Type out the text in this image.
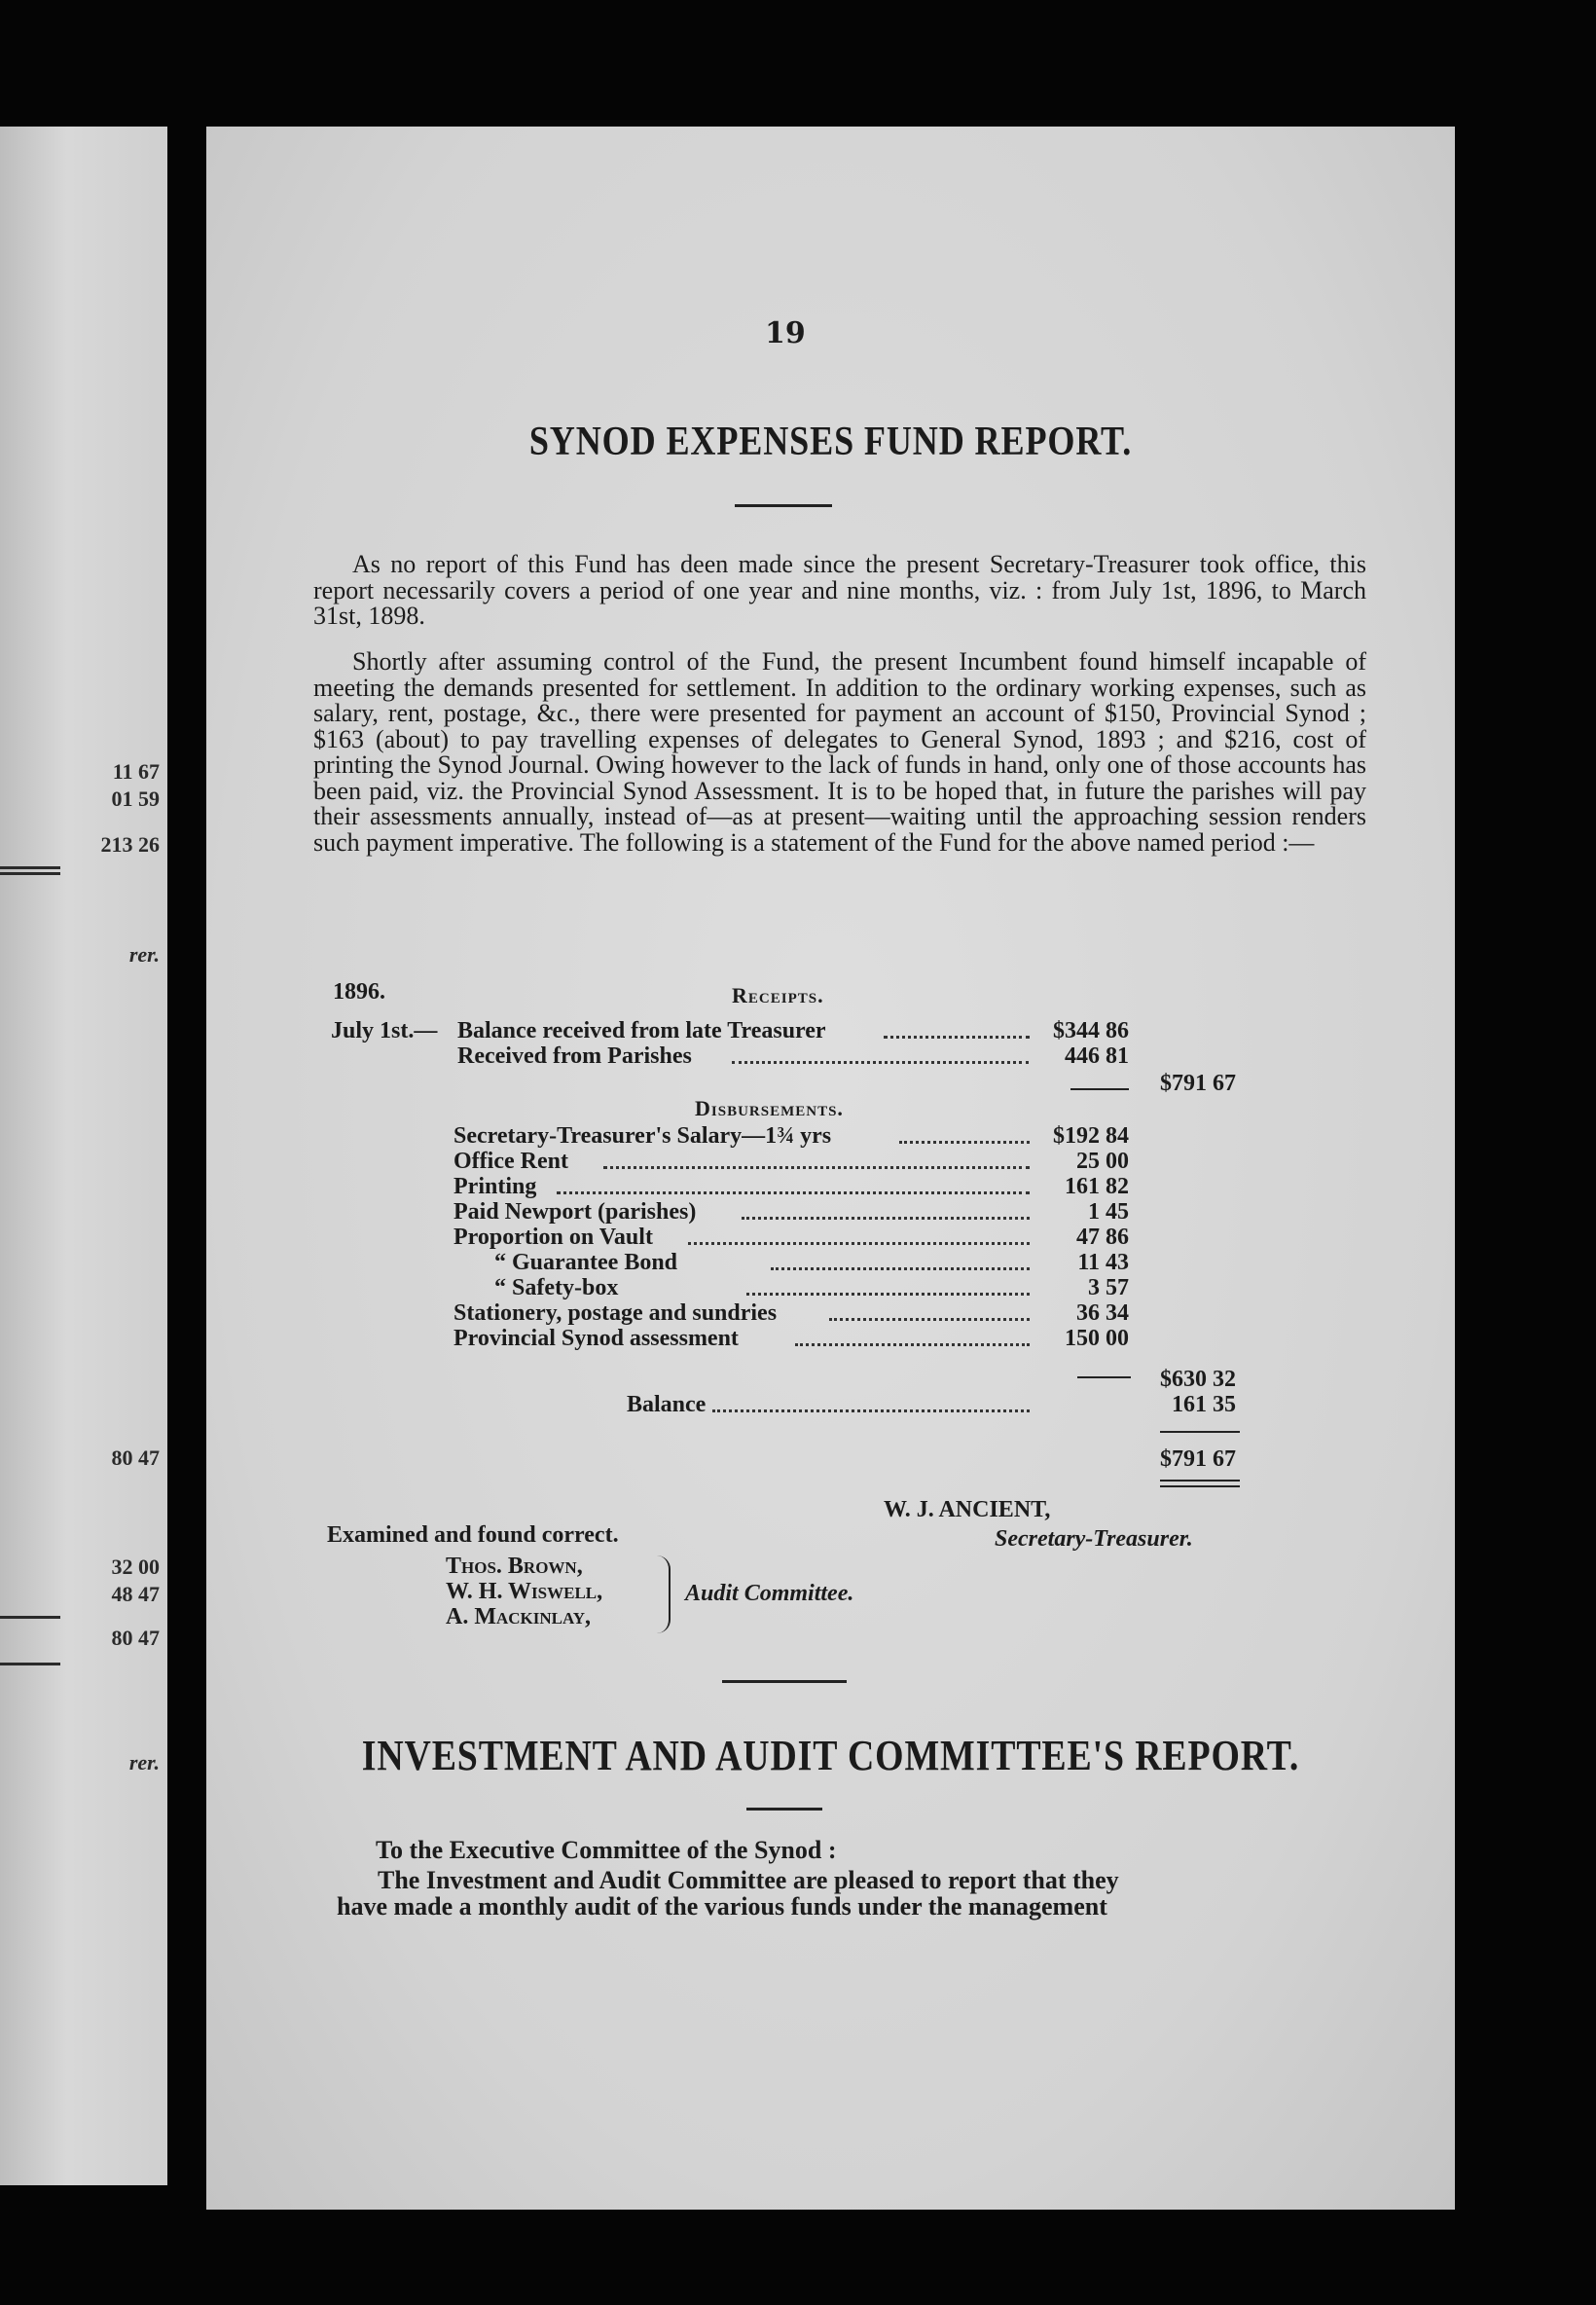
11 67
01 59
213 26
rer.
80 47
32 00
48 47
80 47
rer.
19
SYNOD EXPENSES FUND REPORT.
As no report of this Fund has deen made since the present Secretary-Treasurer took office, this report necessarily covers a period of one year and nine months, viz. : from July 1st, 1896, to March 31st, 1898.
Shortly after assuming control of the Fund, the present Incumbent found himself incapable of meeting the demands presented for settlement. In addition to the ordinary working expenses, such as salary, rent, postage, &c., there were presented for payment an account of $150, Provincial Synod ; $163 (about) to pay travelling expenses of delegates to General Synod, 1893 ; and $216, cost of printing the Synod Journal. Owing however to the lack of funds in hand, only one of those accounts has been paid, viz. the Provincial Synod Assessment. It is to be hoped that, in future the parishes will pay their assessments annually, instead of—as at present—waiting until the approaching session renders such payment imperative. The following is a statement of the Fund for the above named period :—
1896.	Receipts.
July 1st.— Balance received from late Treasurer	$344 86
Received from Parishes	446 81
$791 67
Disbursements.
Secretary-Treasurer's Salary—1¾ yrs	$192 84
Office Rent	25 00
Printing	161 82
Paid Newport (parishes)	1 45
Proportion on Vault	47 86
“ Guarantee Bond	11 43
“ Safety-box	3 57
Stationery, postage and sundries	36 34
Provincial Synod assessment	150 00
$630 32
Balance	161 35
$791 67
W. J. ANCIENT,
Secretary-Treasurer.
Examined and found correct.
Thos. Brown,
W. H. Wiswell,
A. Mackinlay,
Audit Committee.
INVESTMENT AND AUDIT COMMITTEE'S REPORT.
To the Executive Committee of the Synod :
The Investment and Audit Committee are pleased to report that they
have made a monthly audit of the various funds under the management
